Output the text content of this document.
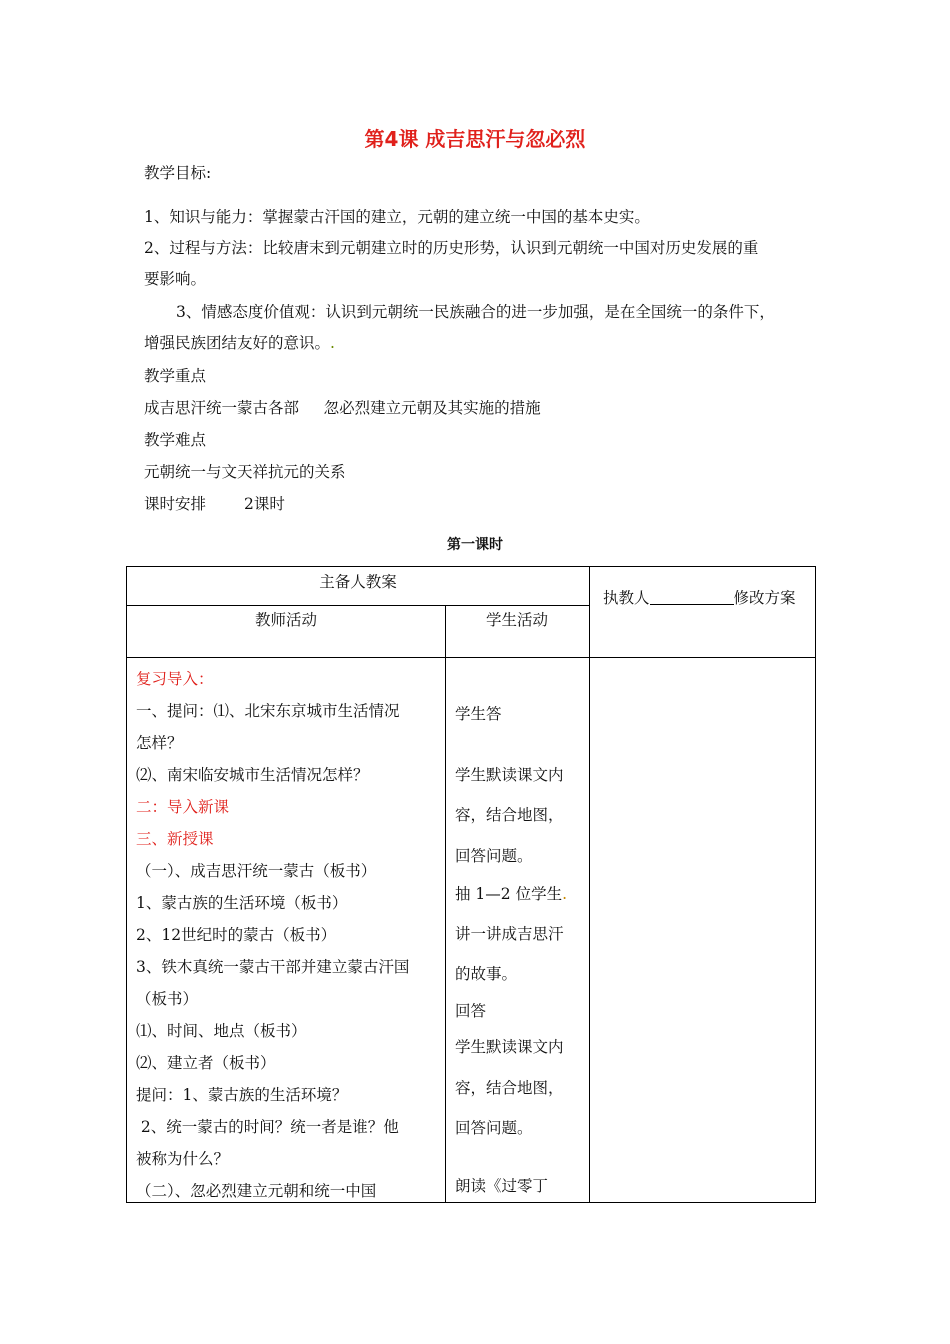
第4课 成吉思汗与忽必烈
教学目标:
1、知识与能力：掌握蒙古汗国的建立，元朝的建立统一中国的基本史实。
2、过程与方法：比较唐末到元朝建立时的历史形势，认识到元朝统一中国对历史发展的重
要影响。
3、情感态度价值观：认识到元朝统一民族融合的进一步加强，是在全国统一的条件下，
增强民族团结友好的意识。.
教学重点
成吉思汗统一蒙古各部     忽必烈建立元朝及其实施的措施
教学难点
元朝统一与文天祥抗元的关系
课时安排 2课时
第一课时
主备人教案
执教人	修改方案
教师活动	学生活动
复习导入：
一、提问：⑴、北宋东京城市生活情况
怎样？
⑵、南宋临安城市生活情况怎样？
二：导入新课
三、新授课
（一）、成吉思汗统一蒙古（板书）
1、蒙古族的生活环境（板书）
2、12世纪时的蒙古（板书）
3、铁木真统一蒙古干部并建立蒙古汗国
（板书）
⑴、时间、地点（板书）
⑵、建立者（板书）
提问：1、蒙古族的生活环境？
2、统一蒙古的时间？统一者是谁？他
被称为什么？
（二）、忽必烈建立元朝和统一中国
学生答
学生默读课文内
容，结合地图，
回答问题。
抽 1—2 位学生.
讲一讲成吉思汗
的故事。
回答
学生默读课文内
容，结合地图，
回答问题。
朗读《过零丁
